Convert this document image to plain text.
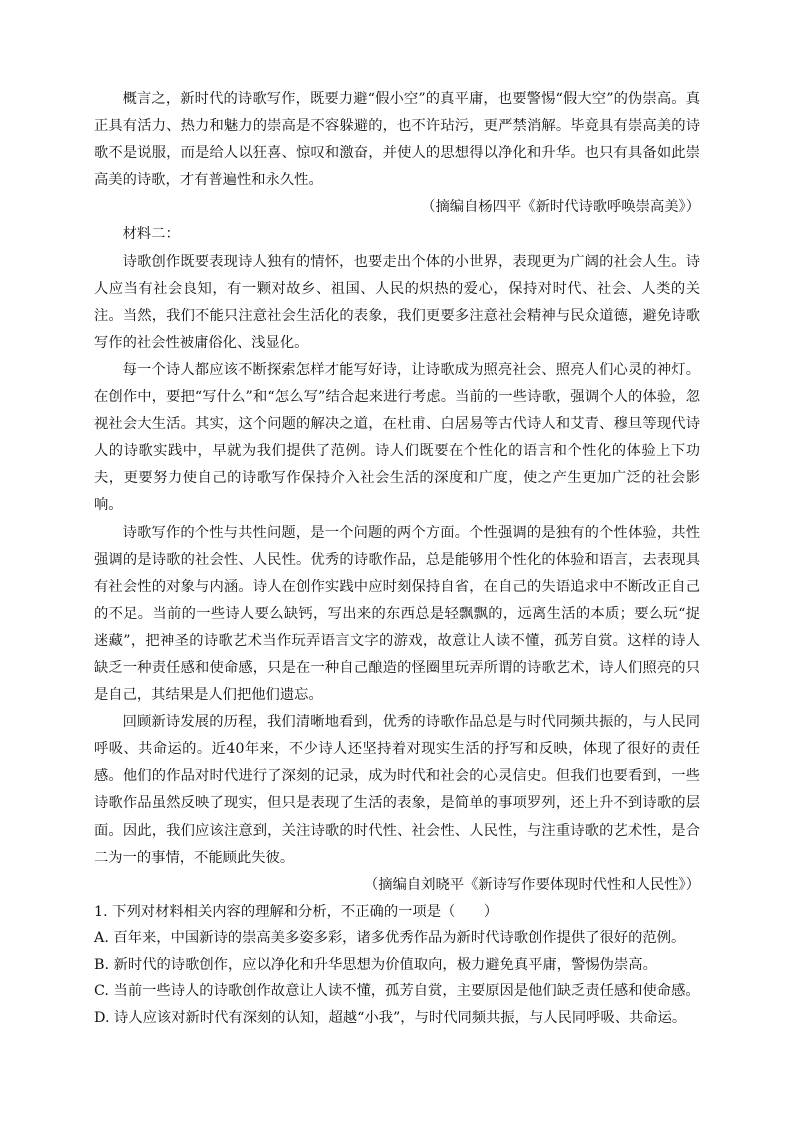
概言之，新时代的诗歌写作，既要力避“假小空”的真平庸，也要警惕“假大空”的伪崇高。真正具有活力、热力和魅力的崇高是不容躲避的，也不许玷污，更严禁消解。毕竟具有崇高美的诗歌不是说服，而是给人以狂喜、惊叹和激奋，并使人的思想得以净化和升华。也只有具备如此崇高美的诗歌，才有普遍性和永久性。

（摘编自杨四平《新时代诗歌呼唤崇高美》）

材料二：

诗歌创作既要表现诗人独有的情怀，也要走出个体的小世界，表现更为广阔的社会人生。诗人应当有社会良知，有一颗对故乡、祖国、人民的炽热的爱心，保持对时代、社会、人类的关注。当然，我们不能只注意社会生活化的表象，我们更要多注意社会精神与民众道德，避免诗歌写作的社会性被庸俗化、浅显化。

每一个诗人都应该不断探索怎样才能写好诗，让诗歌成为照亮社会、照亮人们心灵的神灯。在创作中，要把“写什么”和“怎么写”结合起来进行考虑。当前的一些诗歌，强调个人的体验，忽视社会大生活。其实，这个问题的解决之道，在杜甫、白居易等古代诗人和艾青、穆旦等现代诗人的诗歌实践中，早就为我们提供了范例。诗人们既要在个性化的语言和个性化的体验上下功夫，更要努力使自己的诗歌写作保持介入社会生活的深度和广度，使之产生更加广泛的社会影响。

诗歌写作的个性与共性问题，是一个问题的两个方面。个性强调的是独有的个性体验，共性强调的是诗歌的社会性、人民性。优秀的诗歌作品，总是能够用个性化的体验和语言，去表现具有社会性的对象与内涵。诗人在创作实践中应时刻保持自省，在自己的失语追求中不断改正自己的不足。当前的一些诗人要么缺钙，写出来的东西总是轻飘飘的，远离生活的本质；要么玩“捉迷藏”，把神圣的诗歌艺术当作玩弄语言文字的游戏，故意让人读不懂，孤芳自赏。这样的诗人缺乏一种责任感和使命感，只是在一种自己酿造的怪圈里玩弄所谓的诗歌艺术，诗人们照亮的只是自己，其结果是人们把他们遗忘。

回顾新诗发展的历程，我们清晰地看到，优秀的诗歌作品总是与时代同频共振的，与人民同呼吸、共命运的。近40年来，不少诗人还坚持着对现实生活的抒写和反映，体现了很好的责任感。他们的作品对时代进行了深刻的记录，成为时代和社会的心灵信史。但我们也要看到，一些诗歌作品虽然反映了现实，但只是表现了生活的表象，是简单的事项罗列，还上升不到诗歌的层面。因此，我们应该注意到，关注诗歌的时代性、社会性、人民性，与注重诗歌的艺术性，是合二为一的事情，不能顾此失彼。

（摘编自刘晓平《新诗写作要体现时代性和人民性》）

1. 下列对材料相关内容的理解和分析，不正确的一项是（　　）

A. 百年来，中国新诗的崇高美多姿多彩，诸多优秀作品为新时代诗歌创作提供了很好的范例。

B. 新时代的诗歌创作，应以净化和升华思想为价值取向，极力避免真平庸，警惕伪崇高。

C. 当前一些诗人的诗歌创作故意让人读不懂，孤芳自赏，主要原因是他们缺乏责任感和使命感。

D. 诗人应该对新时代有深刻的认知，超越“小我”，与时代同频共振，与人民同呼吸、共命运。
